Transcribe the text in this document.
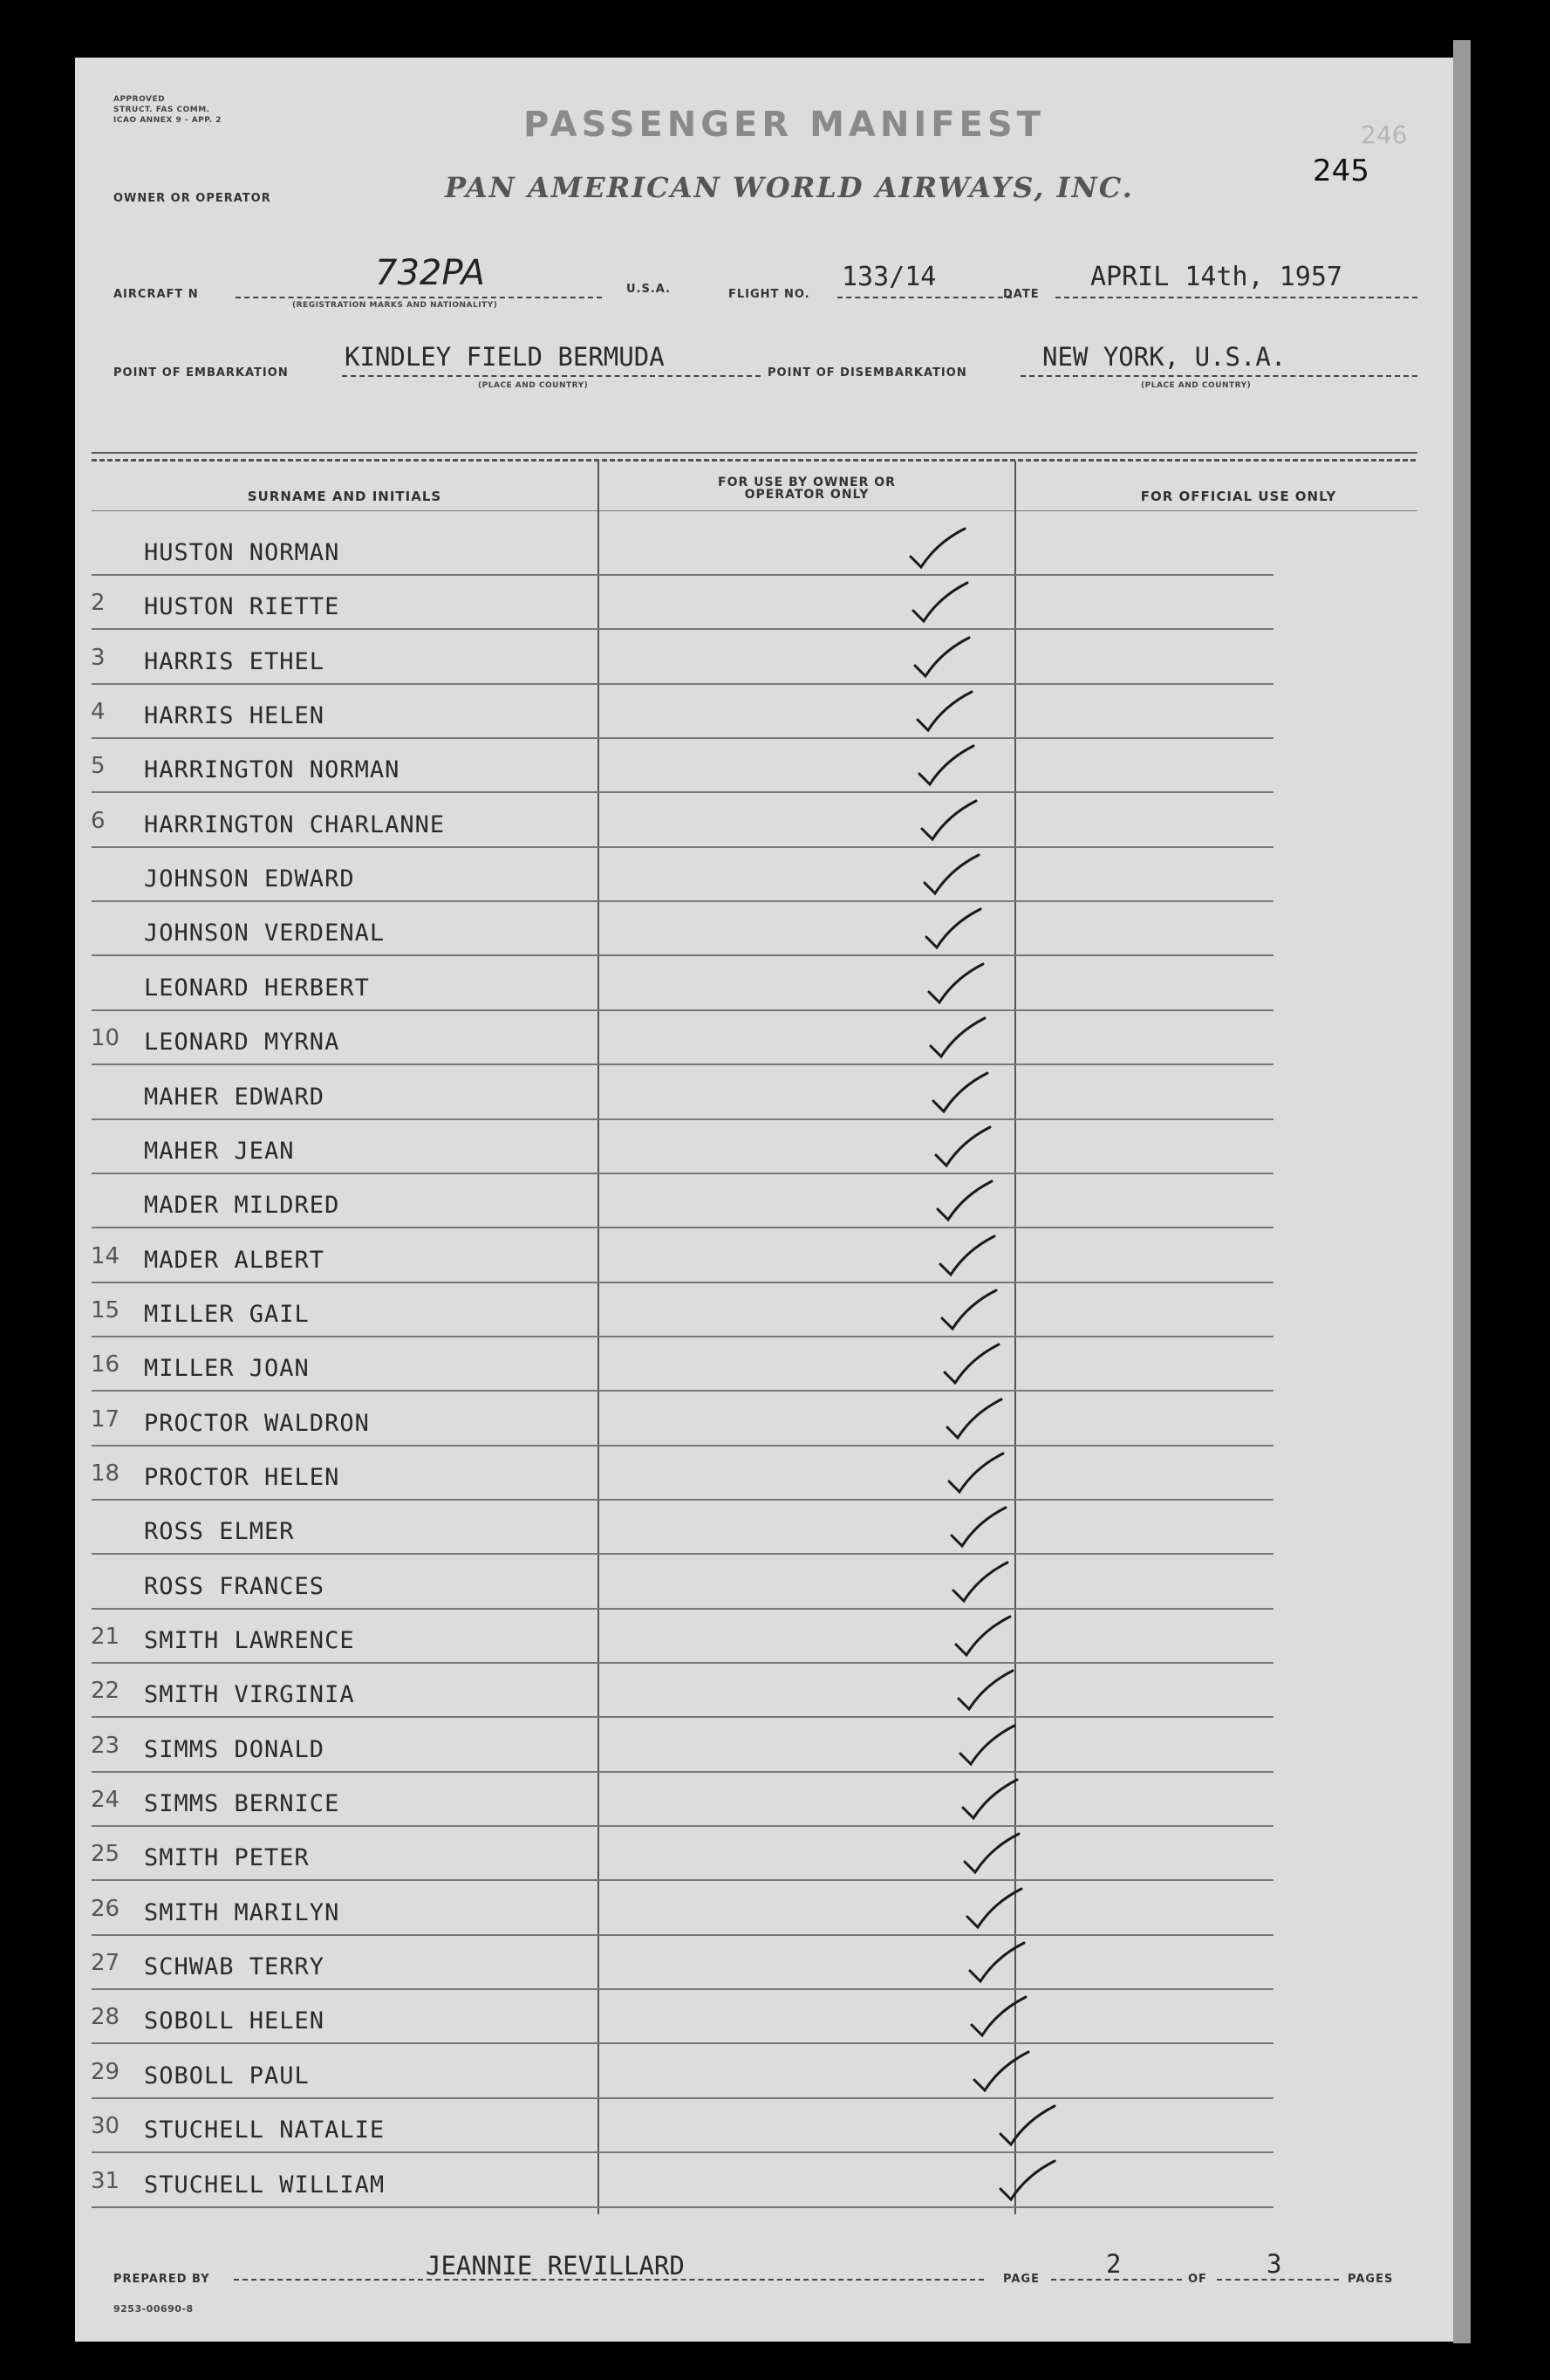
APPROVED
STRUCT. FAS COMM.
ICAO ANNEX 9 - APP. 2	PASSENGER MANIFEST
OWNER OR OPERATOR	PAN AMERICAN WORLD AIRWAYS, INC.	245
246
AIRCRAFT N
732PA	U.S.A.
(REGISTRATION MARKS AND NATIONALITY)
FLIGHT NO.
133/14
DATE
APRIL 14th, 1957
POINT OF EMBARKATION
KINDLEY FIELD BERMUDA
(PLACE AND COUNTRY)
POINT OF DISEMBARKATION
NEW YORK, U.S.A.
(PLACE AND COUNTRY)
SURNAME AND INITIALS
FOR USE BY OWNER OR OPERATOR ONLY	FOR OFFICIAL USE ONLY
HUSTON NORMAN
2 HUSTON RIETTE
3 HARRIS ETHEL
4 HARRIS HELEN
5 HARRINGTON NORMAN
6 HARRINGTON CHARLANNE
JOHNSON EDWARD
JOHNSON VERDENAL
LEONARD HERBERT
10 LEONARD MYRNA
MAHER EDWARD
MAHER JEAN
MADER MILDRED
14 MADER ALBERT
15 MILLER GAIL
16 MILLER JOAN
17 PROCTOR WALDRON
18 PROCTOR HELEN
ROSS ELMER
ROSS FRANCES
21 SMITH LAWRENCE
22 SMITH VIRGINIA
23 SIMMS DONALD
24 SIMMS BERNICE
25 SMITH PETER
26 SMITH MARILYN
27 SCHWAB TERRY
28 SOBOLL HELEN
29 SOBOLL PAUL
30 STUCHELL NATALIE
31 STUCHELL WILLIAM
PREPARED BY	JEANNIE REVILLARD	PAGE
2
OF
3
PAGES
9253-00690-8
